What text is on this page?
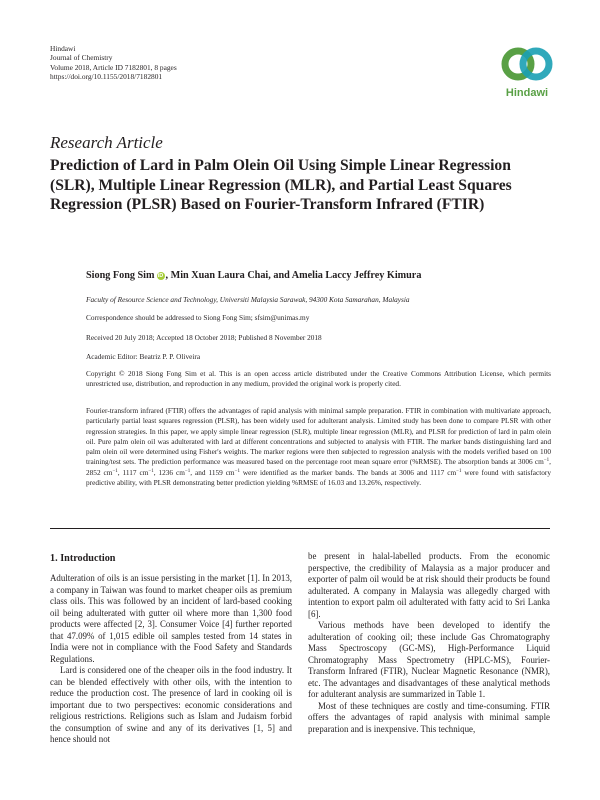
Hindawi
Journal of Chemistry
Volume 2018, Article ID 7182801, 8 pages
https://doi.org/10.1155/2018/7182801
Hindawi
Research Article
Prediction of Lard in Palm Olein Oil Using Simple Linear Regression (SLR), Multiple Linear Regression (MLR), and Partial Least Squares Regression (PLSR) Based on Fourier-Transform Infrared (FTIR)
Siong Fong Sim iD , Min Xuan Laura Chai, and Amelia Laccy Jeffrey Kimura
Faculty of Resource Science and Technology, Universiti Malaysia Sarawak, 94300 Kota Samarahan, Malaysia
Correspondence should be addressed to Siong Fong Sim; sfsim@unimas.my
Received 20 July 2018; Accepted 18 October 2018; Published 8 November 2018
Academic Editor: Beatriz P. P. Oliveira
Copyright © 2018 Siong Fong Sim et al. This is an open access article distributed under the Creative Commons Attribution License, which permits unrestricted use, distribution, and reproduction in any medium, provided the original work is properly cited.
Fourier-transform infrared (FTIR) offers the advantages of rapid analysis with minimal sample preparation. FTIR in combination with multivariate approach, particularly partial least squares regression (PLSR), has been widely used for adulterant analysis. Limited study has been done to compare PLSR with other regression strategies. In this paper, we apply simple linear regression (SLR), multiple linear regression (MLR), and PLSR for prediction of lard in palm olein oil. Pure palm olein oil was adulterated with lard at different concentrations and subjected to analysis with FTIR. The marker bands distinguishing lard and palm olein oil were determined using Fisher's weights. The marker regions were then subjected to regression analysis with the models verified based on 100 training/test sets. The prediction performance was measured based on the percentage root mean square error (%RMSE). The absorption bands at 3006 $cm^{-1}$, 2852 $cm^{-1}$, 1117 $cm^{-1}$, 1236 $cm^{-1}$, and 1159 $cm^{-1}$ were identified as the marker bands. The bands at 3006 and 1117 $cm^{-1}$ were found with satisfactory predictive ability, with PLSR demonstrating better prediction yielding %RMSE of 16.03 and 13.26%, respectively.
1. Introduction

Adulteration of oils is an issue persisting in the market [1]. In 2013, a company in Taiwan was found to market cheaper oils as premium class oils. This was followed by an incident of lard-based cooking oil being adulterated with gutter oil where more than 1,300 food products were affected [2, 3]. Consumer Voice [4] further reported that 47.09% of 1,015 edible oil samples tested from 14 states in India were not in compliance with the Food Safety and Standards Regulations.

Lard is considered one of the cheaper oils in the food industry. It can be blended effectively with other oils, with the intention to reduce the production cost. The presence of lard in cooking oil is important due to two perspectives: economic considerations and religious restrictions. Religions such as Islam and Judaism forbid the consumption of swine and any of its derivatives [1, 5] and hence should not

be present in halal-labelled products. From the economic perspective, the credibility of Malaysia as a major producer and exporter of palm oil would be at risk should their products be found adulterated. A company in Malaysia was allegedly charged with intention to export palm oil adulterated with fatty acid to Sri Lanka [6].

Various methods have been developed to identify the adulteration of cooking oil; these include Gas Chromatography Mass Spectroscopy (GC-MS), High-Performance Liquid Chromatography Mass Spectrometry (HPLC-MS), Fourier-Transform Infrared (FTIR), Nuclear Magnetic Resonance (NMR), etc. The advantages and disadvantages of these analytical methods for adulterant analysis are summarized in Table 1.

Most of these techniques are costly and time-consuming. FTIR offers the advantages of rapid analysis with minimal sample preparation and is inexpensive. This technique,
